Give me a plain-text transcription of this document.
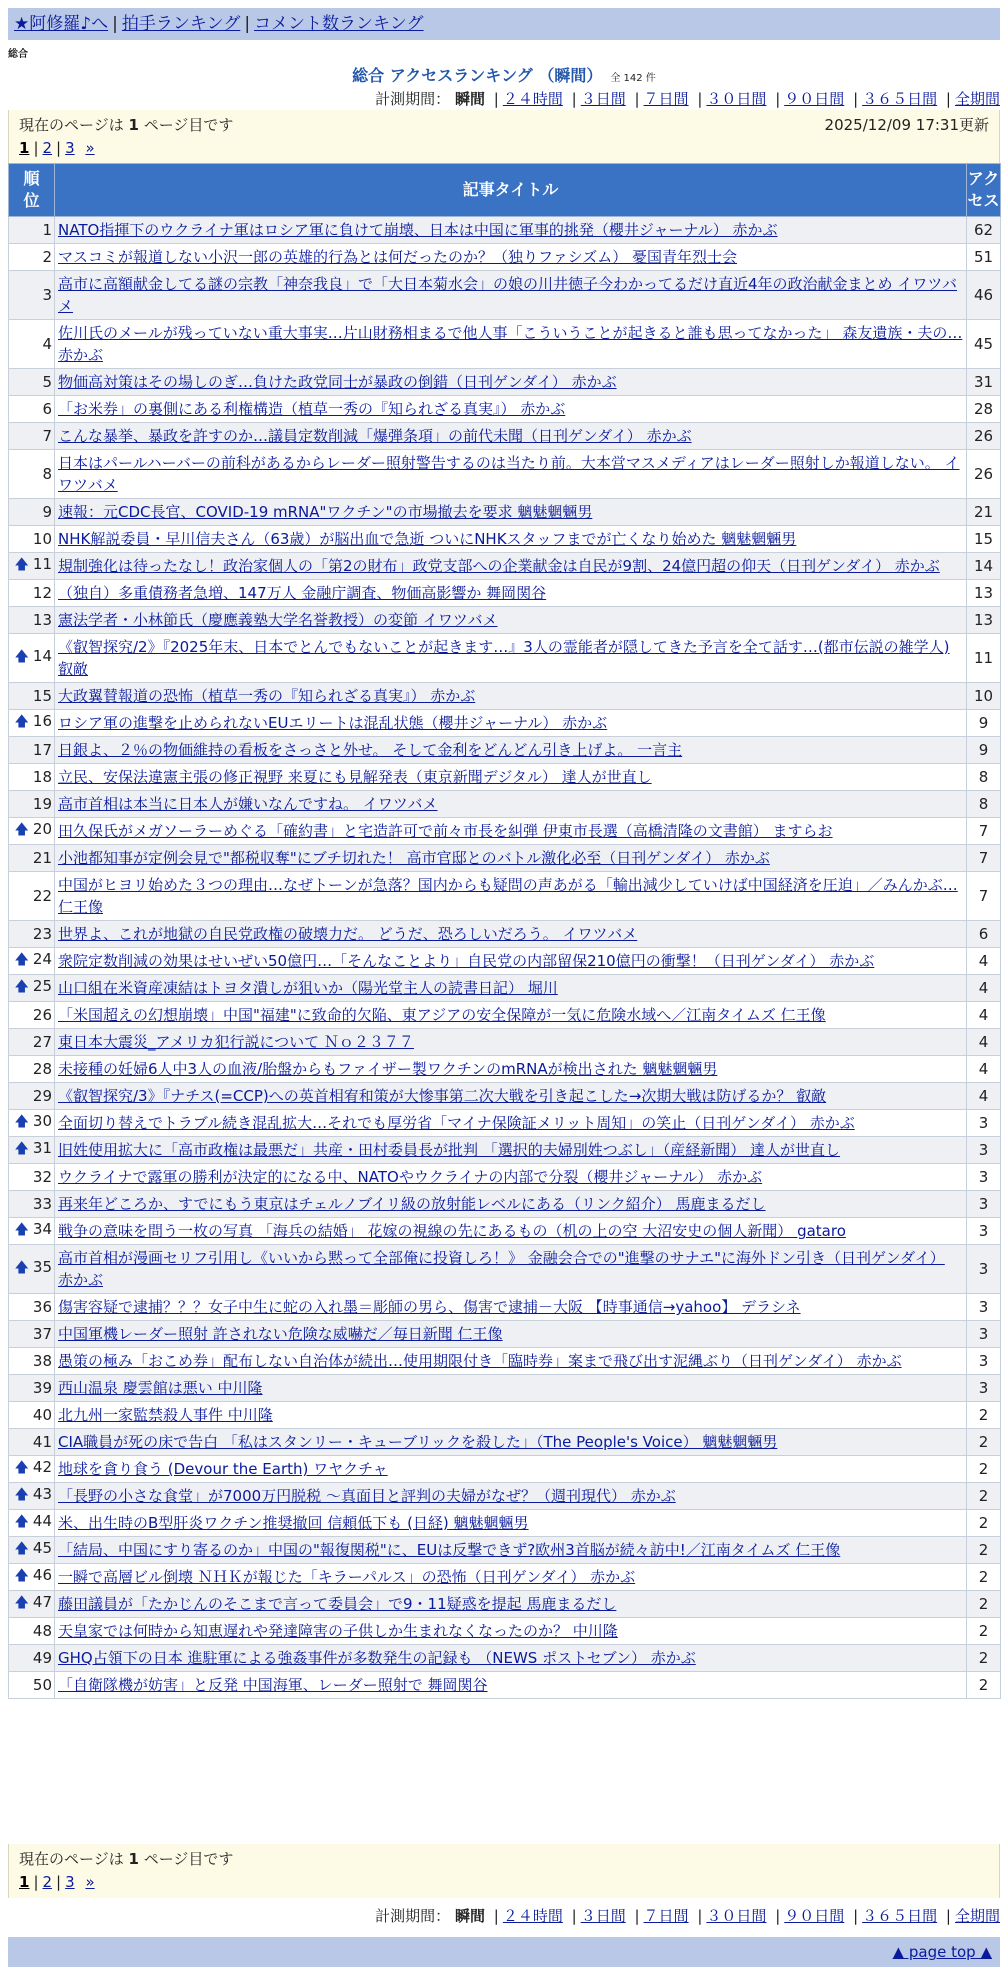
★阿修羅♪へ | 拍手ランキング | コメント数ランキング
総合
総合 アクセスランキング （瞬間） 全 142 件
計測期間： 瞬間 | ２４時間 | ３日間 | ７日間 | ３０日間 | ９０日間 | ３６５日間 | 全期間
現在のページは 1 ページ目です	2025/12/09 17:31更新
1 | 2 | 3 »
順位	記事タイトル	アクセス
1	NATO指揮下のウクライナ軍はロシア軍に負けて崩壊、日本は中国に軍事的挑発（櫻井ジャーナル） 赤かぶ	62
2	マスコミが報道しない小沢一郎の英雄的行為とは何だったのか？（独りファシズム） 憂国青年烈士会	51
3	高市に高額献金してる謎の宗教「神奈我良」で「大日本菊水会」の娘の川井徳子今わかってるだけ直近4年の政治献金まとめ イワツバメ	46
4	佐川氏のメールが残っていない重大事実…片山財務相まるで他人事「こういうことが起きると誰も思ってなかった」 森友遺族・夫の… 赤かぶ	45
5	物価高対策はその場しのぎ…負けた政党同士が暴政の倒錯（日刊ゲンダイ） 赤かぶ	31
6	「お米券」の裏側にある利権構造（植草一秀の『知られざる真実』） 赤かぶ	28
7	こんな暴挙、暴政を許すのか…議員定数削減「爆弾条項」の前代未聞（日刊ゲンダイ） 赤かぶ	26
8	日本はパールハーバーの前科があるからレーダー照射警告するのは当たり前。大本営マスメディアはレーダー照射しか報道しない。 イワツバメ	26
9	速報：元CDC長官、COVID-19 mRNA"ワクチン"の市場撤去を要求 魑魅魍魎男	21
10	NHK解説委員・早川信夫さん（63歳）が脳出血で急逝 ついにNHKスタッフまでが亡くなり始めた 魑魅魍魎男	15
🡅 11	規制強化は待ったなし！政治家個人の「第2の財布」政党支部への企業献金は自民が9割、24億円超の仰天（日刊ゲンダイ） 赤かぶ	14
12	（独自）多重債務者急増、147万人 金融庁調査、物価高影響か 舞岡関谷	13
13	憲法学者・小林節氏（慶應義塾大学名誉教授）の変節 イワツバメ	13
🡅 14	《叡智探究/2》『2025年末、日本でとんでもないことが起きます…』3人の霊能者が隠してきた予言を全て話す…(都市伝説の雑学人) 叡敵	11
15	大政翼賛報道の恐怖（植草一秀の『知られざる真実』） 赤かぶ	10
🡅 16	ロシア軍の進撃を止められないEUエリートは混乱状態（櫻井ジャーナル） 赤かぶ	9
17	日銀よ、２％の物価維持の看板をさっさと外せ。 そして金利をどんどん引き上げよ。 一言主	9
18	立民、安保法違憲主張の修正視野 来夏にも見解発表（東京新聞デジタル） 達人が世直し	8
19	高市首相は本当に日本人が嫌いなんですね。 イワツバメ	8
🡅 20	田久保氏がメガソーラーめぐる「確約書」と宅造許可で前々市長を糾弾 伊東市長選（高橋清隆の文書館） ますらお	7
21	小池都知事が定例会見で"都税収奪"にブチ切れた！ 高市官邸とのバトル激化必至（日刊ゲンダイ） 赤かぶ	7
22	中国がヒヨリ始めた３つの理由…なぜトーンが急落？国内からも疑問の声あがる「輸出減少していけば中国経済を圧迫」／みんかぶ… 仁王像	7
23	世界よ、これが地獄の自民党政権の破壊力だ。 どうだ、恐ろしいだろう。 イワツバメ	6
🡅 24	衆院定数削減の効果はせいぜい50億円…「そんなことより」自民党の内部留保210億円の衝撃！（日刊ゲンダイ） 赤かぶ	4
🡅 25	山口組在米資産凍結はトヨタ潰しが狙いか（陽光堂主人の読書日記） 堀川	4
26	「米国超えの幻想崩壊」中国"福建"に致命的欠陥、東アジアの安全保障が一気に危険水域へ／江南タイムズ 仁王像	4
27	東日本大震災_アメリカ犯行説について Ｎｏ２３７７	4
28	未接種の妊婦6人中3人の血液/胎盤からもファイザー製ワクチンのmRNAが検出された 魑魅魍魎男	4
29	《叡智探究/3》『ナチス(=CCP)への英首相宥和策が大惨事第二次大戦を引き起こした→次期大戦は防げるか？ 叡敵	4
🡅 30	全面切り替えでトラブル続き混乱拡大…それでも厚労省「マイナ保険証メリット周知」の笑止（日刊ゲンダイ） 赤かぶ	3
🡅 31	旧姓使用拡大に「高市政権は最悪だ」共産・田村委員長が批判 「選択的夫婦別姓つぶし」（産経新聞） 達人が世直し	3
32	ウクライナで露軍の勝利が決定的になる中、NATOやウクライナの内部で分裂（櫻井ジャーナル） 赤かぶ	3
33	再来年どころか、すでにもう東京はチェルノブイリ級の放射能レベルにある（リンク紹介） 馬鹿まるだし	3
🡅 34	戦争の意味を問う一枚の写真 「海兵の結婚」 花嫁の視線の先にあるもの（机の上の空 大沼安史の個人新聞） gataro	3
🡅 35	高市首相が漫画セリフ引用し《いいから黙って全部俺に投資しろ！》 金融会合での"進撃のサナエ"に海外ドン引き（日刊ゲンダイ） 赤かぶ	3
36	傷害容疑で逮捕？？？女子中生に蛇の入れ墨＝彫師の男ら、傷害で逮捕－大阪 【時事通信→yahoo】 デラシネ	3
37	中国軍機レーダー照射 許されない危険な威嚇だ／毎日新聞 仁王像	3
38	愚策の極み「おこめ券」配布しない自治体が続出…使用期限付き「臨時券」案まで飛び出す泥縄ぶり（日刊ゲンダイ） 赤かぶ	3
39	西山温泉 慶雲館は悪い 中川隆	3
40	北九州一家監禁殺人事件 中川隆	2
41	CIA職員が死の床で告白 「私はスタンリー・キューブリックを殺した」（The People's Voice） 魑魅魍魎男	2
🡅 42	地球を貪り食う (Devour the Earth) ワヤクチャ	2
🡅 43	「長野の小さな食堂」が7000万円脱税 ～真面目と評判の夫婦がなぜ？（週刊現代） 赤かぶ	2
🡅 44	米、出生時のB型肝炎ワクチン推奨撤回 信頼低下も (日経) 魑魅魍魎男	2
🡅 45	「結局、中国にすり寄るのか」中国の"報復関税"に、EUは反撃できず?欧州3首脳が続々訪中!／江南タイムズ 仁王像	2
🡅 46	一瞬で高層ビル倒壊 ＮＨＫが報じた「キラーパルス」の恐怖（日刊ゲンダイ） 赤かぶ	2
🡅 47	藤田議員が「たかじんのそこまで言って委員会」で9・11疑惑を提起 馬鹿まるだし	2
48	天皇家では何時から知恵遅れや発達障害の子供しか生まれなくなったのか？ 中川隆	2
49	GHQ占領下の日本 進駐軍による強姦事件が多数発生の記録も （NEWS ポストセブン） 赤かぶ	2
50	「自衛隊機が妨害」と反発 中国海軍、レーダー照射で 舞岡関谷	2
現在のページは 1 ページ目です
1 | 2 | 3 »
計測期間： 瞬間 | ２４時間 | ３日間 | ７日間 | ３０日間 | ９０日間 | ３６５日間 | 全期間
▲ page top ▲
